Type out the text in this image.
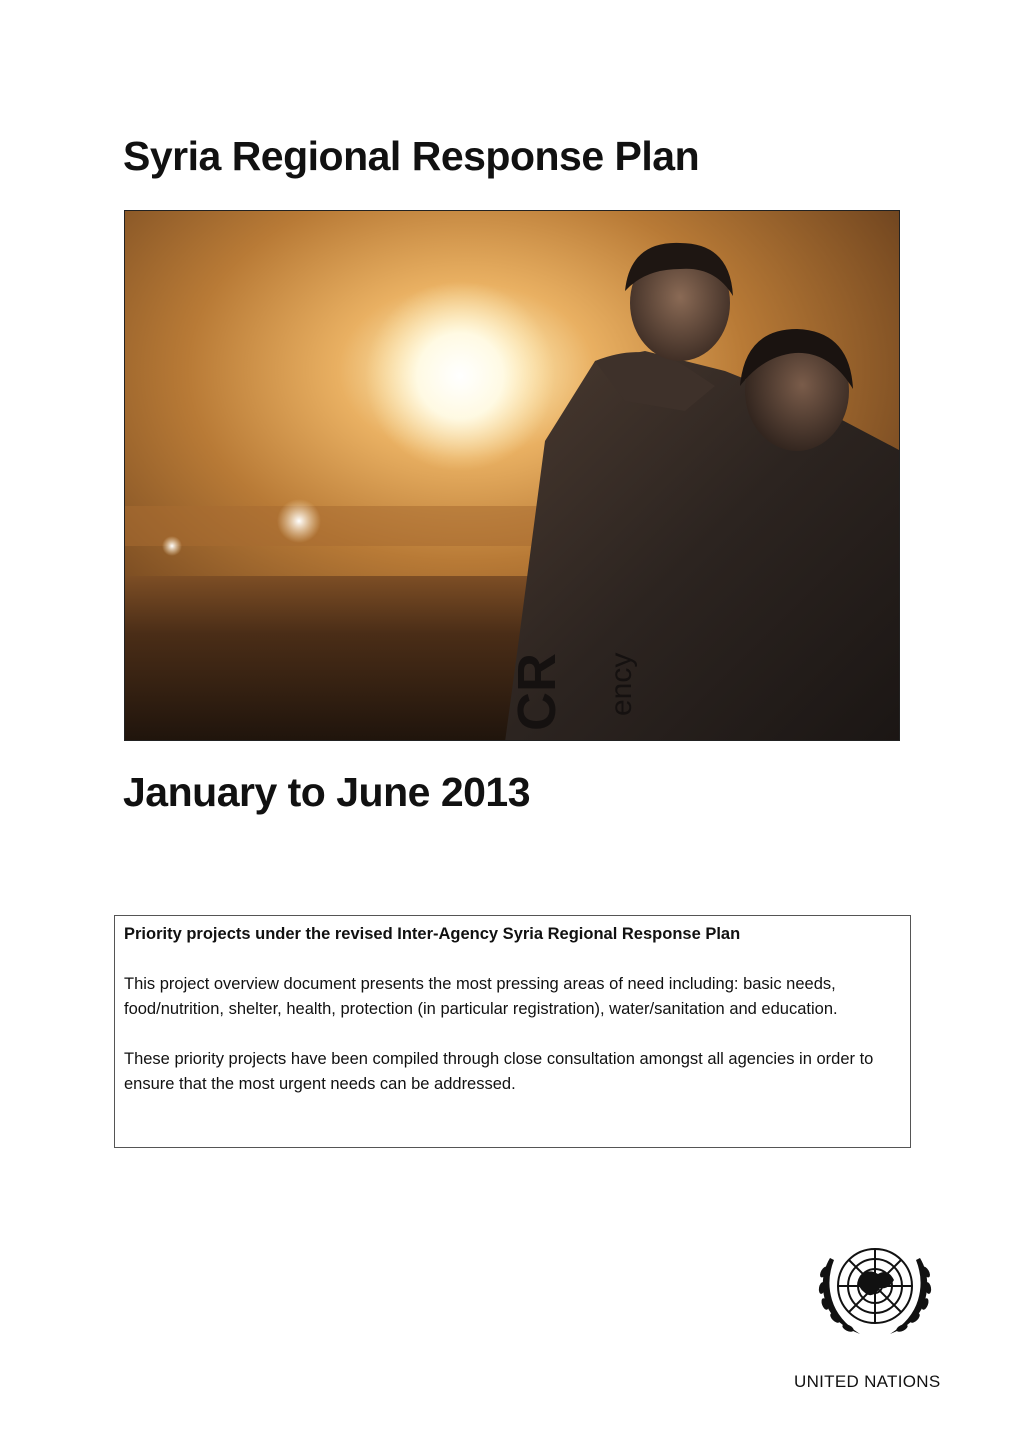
Syria Regional Response Plan
CR ency
January to June 2013

Priority projects under the revised Inter-Agency Syria Regional Response Plan

This project overview document presents the most pressing areas of need including: basic needs, food/nutrition, shelter, health, protection (in particular registration), water/sanitation and education.

These priority projects have been compiled through close consultation amongst all agencies in order to ensure that the most urgent needs can be addressed.

UNITED NATIONS
